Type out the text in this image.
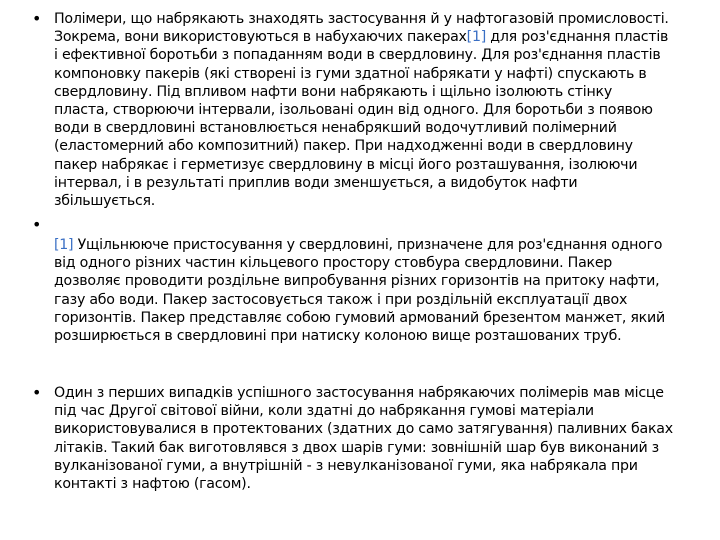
• Полімери, що набрякають знаходять застосування й у нафтогазовій промисловості.
Зокрема, вони використовуються в набухаючих пакерах[1] для роз'єднання пластів
і ефективної боротьби з попаданням води в свердловину. Для роз'єднання пластів
компоновку пакерів (які створені із гуми здатної набрякати у нафті) спускають в
свердловину. Під впливом нафти вони набрякають і щільно ізолюють стінку
пласта, створюючи інтервали, ізольовані один від одного. Для боротьби з появою
води в свердловині встановлюється ненабрякший водочутливий полімерний
(еластомерний або композитний) пакер. При надходженні води в свердловину
пакер набрякає і герметизує свердловину в місці його розташування, ізолюючи
інтервал, і в результаті приплив води зменшується, а видобуток нафти
збільшується.
•
[1] Ущільнююче пристосування у свердловині, призначене для роз'єднання одного
від одного різних частин кільцевого простору стовбура свердловини. Пакер
дозволяє проводити роздільне випробування різних горизонтів на притоку нафти,
газу або води. Пакер застосовується також і при роздільній експлуатації двох
горизонтів. Пакер представляє собою гумовий армований брезентом манжет, який
розширюється в свердловині при натиску колоною вище розташованих труб.
• Один з перших випадків успішного застосування набрякаючих полімерів мав місце
під час Другої світової війни, коли здатні до набрякання гумові матеріали
використовувалися в протектованих (здатних до само затягування) паливних баках
літаків. Такий бак виготовлявся з двох шарів гуми: зовнішній шар був виконаний з
вулканізованої гуми, а внутрішній - з невулканізованої гуми, яка набрякала при
контакті з нафтою (гасом).
